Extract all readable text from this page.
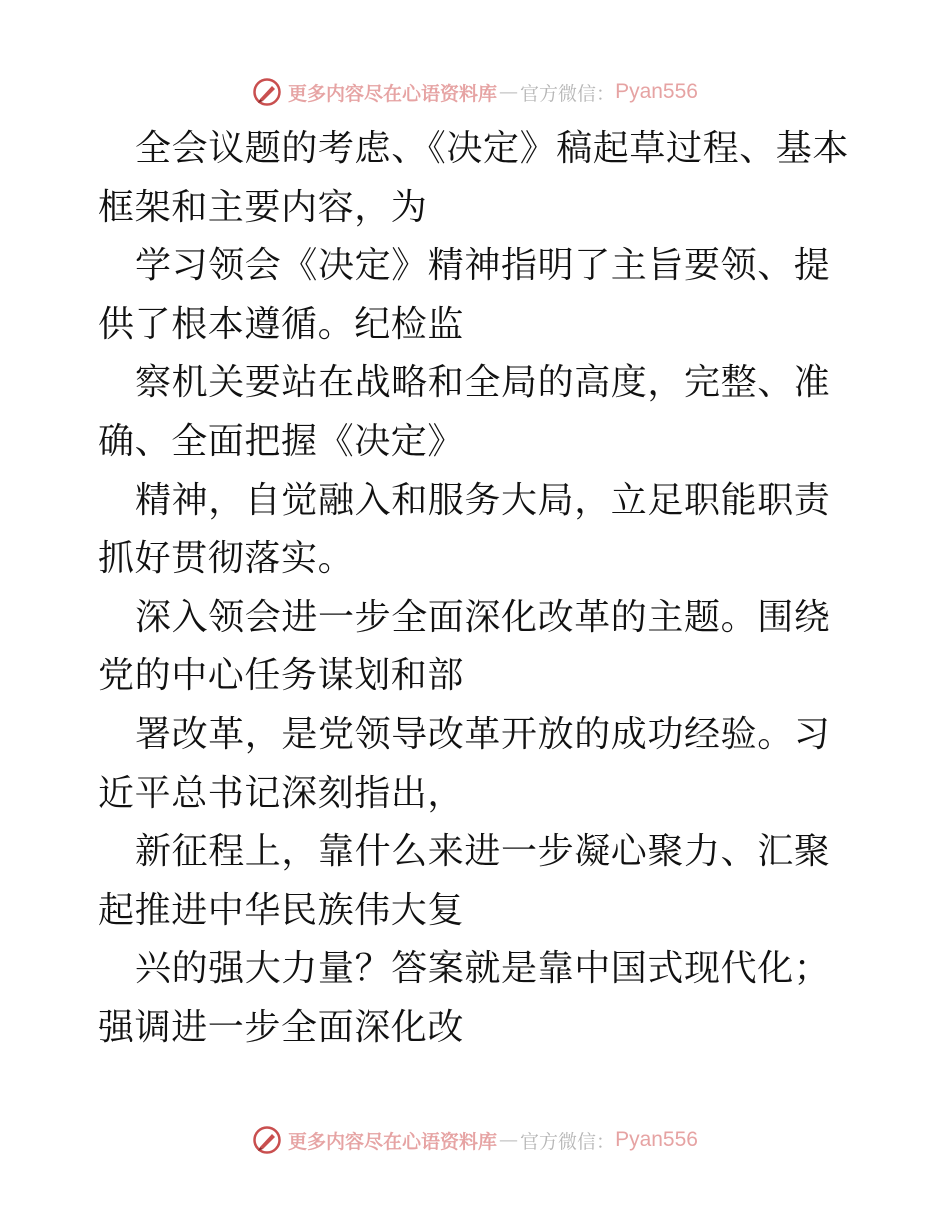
更多内容尽在心语资料库 — 官方微信： Pyan556

全会议题的考虑、《决定》稿起草过程、基本框架和主要内容，为

学习领会《决定》精神指明了主旨要领、提供了根本遵循。纪检监

察机关要站在战略和全局的高度，完整、准确、全面把握《决定》

精神，自觉融入和服务大局，立足职能职责抓好贯彻落实。

深入领会进一步全面深化改革的主题。围绕党的中心任务谋划和部

署改革，是党领导改革开放的成功经验。习近平总书记深刻指出，

新征程上，靠什么来进一步凝心聚力、汇聚起推进中华民族伟大复

兴的强大力量？答案就是靠中国式现代化；强调进一步全面深化改

更多内容尽在心语资料库 — 官方微信： Pyan556
